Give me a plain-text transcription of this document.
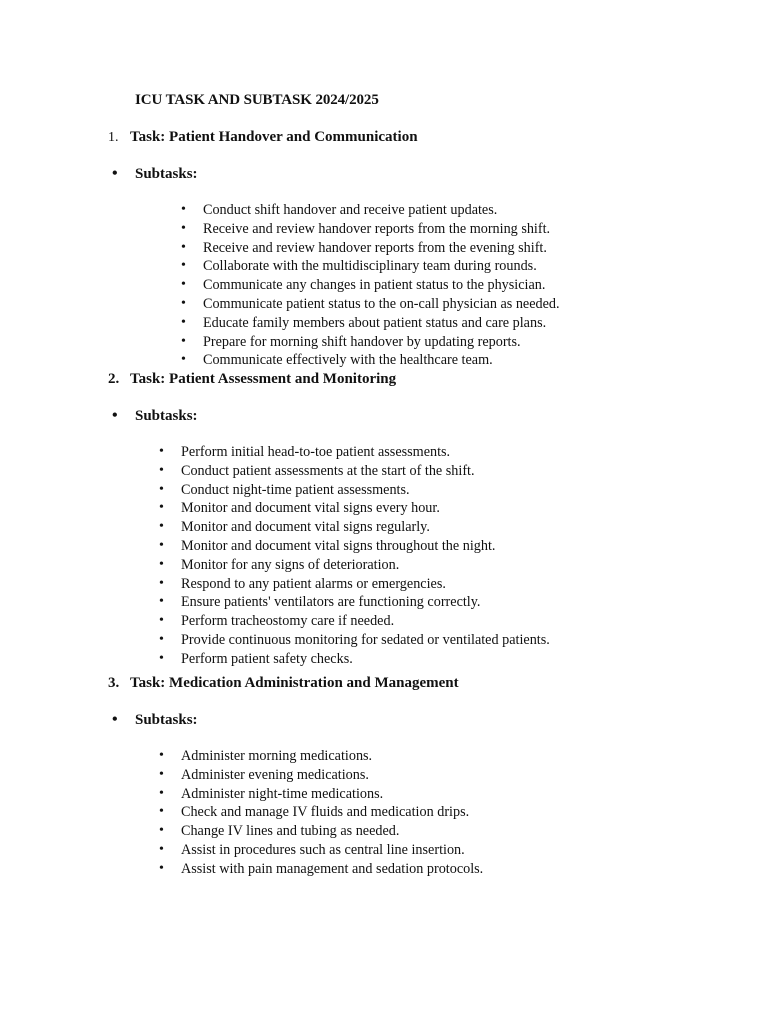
ICU TASK AND SUBTASK 2024/2025
1. Task: Patient Handover and Communication
• Subtasks:
• Conduct shift handover and receive patient updates.
• Receive and review handover reports from the morning shift.
• Receive and review handover reports from the evening shift.
• Collaborate with the multidisciplinary team during rounds.
• Communicate any changes in patient status to the physician.
• Communicate patient status to the on-call physician as needed.
• Educate family members about patient status and care plans.
• Prepare for morning shift handover by updating reports.
• Communicate effectively with the healthcare team.
2. Task: Patient Assessment and Monitoring
• Subtasks:
• Perform initial head-to-toe patient assessments.
• Conduct patient assessments at the start of the shift.
• Conduct night-time patient assessments.
• Monitor and document vital signs every hour.
• Monitor and document vital signs regularly.
• Monitor and document vital signs throughout the night.
• Monitor for any signs of deterioration.
• Respond to any patient alarms or emergencies.
• Ensure patients' ventilators are functioning correctly.
• Perform tracheostomy care if needed.
• Provide continuous monitoring for sedated or ventilated patients.
• Perform patient safety checks.
3. Task: Medication Administration and Management
• Subtasks:
• Administer morning medications.
• Administer evening medications.
• Administer night-time medications.
• Check and manage IV fluids and medication drips.
• Change IV lines and tubing as needed.
• Assist in procedures such as central line insertion.
• Assist with pain management and sedation protocols.
